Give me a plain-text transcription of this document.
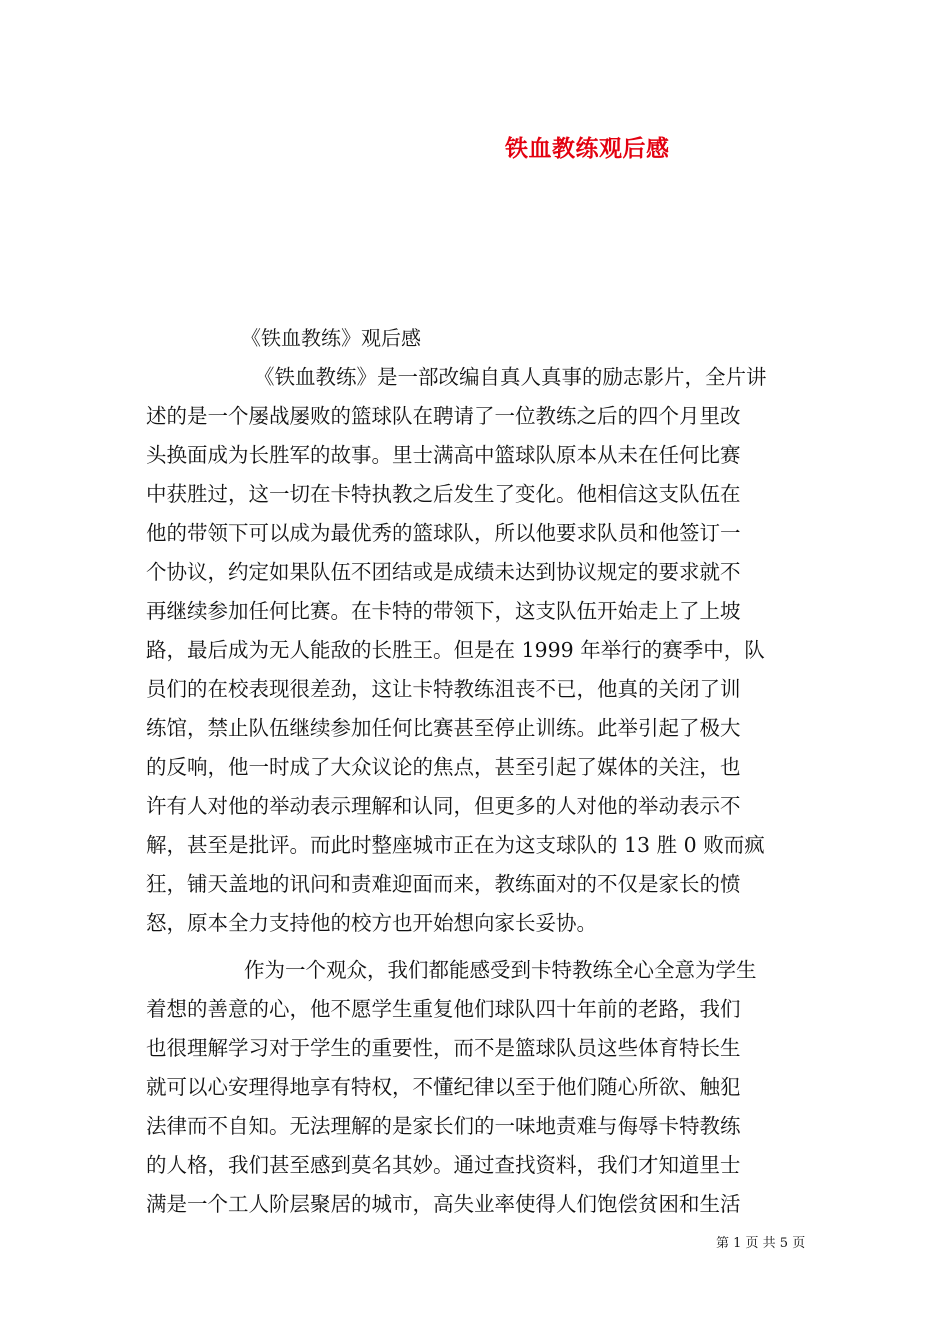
铁血教练观后感
《铁血教练》观后感
《铁血教练》是一部改编自真人真事的励志影片，全片讲
述的是一个屡战屡败的篮球队在聘请了一位教练之后的四个月里改
头换面成为长胜军的故事。里士满高中篮球队原本从未在任何比赛
中获胜过，这一切在卡特执教之后发生了变化。他相信这支队伍在
他的带领下可以成为最优秀的篮球队，所以他要求队员和他签订一
个协议，约定如果队伍不团结或是成绩未达到协议规定的要求就不
再继续参加任何比赛。在卡特的带领下，这支队伍开始走上了上坡
路，最后成为无人能敌的长胜王。但是在 1999 年举行的赛季中，队
员们的在校表现很差劲，这让卡特教练沮丧不已，他真的关闭了训
练馆，禁止队伍继续参加任何比赛甚至停止训练。此举引起了极大
的反响，他一时成了大众议论的焦点，甚至引起了媒体的关注，也
许有人对他的举动表示理解和认同，但更多的人对他的举动表示不
解，甚至是批评。而此时整座城市正在为这支球队的 13 胜 0 败而疯
狂，铺天盖地的讯问和责难迎面而来，教练面对的不仅是家长的愤
怒，原本全力支持他的校方也开始想向家长妥协。
作为一个观众，我们都能感受到卡特教练全心全意为学生
着想的善意的心，他不愿学生重复他们球队四十年前的老路，我们
也很理解学习对于学生的重要性，而不是篮球队员这些体育特长生
就可以心安理得地享有特权，不懂纪律以至于他们随心所欲、触犯
法律而不自知。无法理解的是家长们的一味地责难与侮辱卡特教练
的人格，我们甚至感到莫名其妙。通过查找资料，我们才知道里士
满是一个工人阶层聚居的城市，高失业率使得人们饱偿贫困和生活
第 1 页 共 5 页
